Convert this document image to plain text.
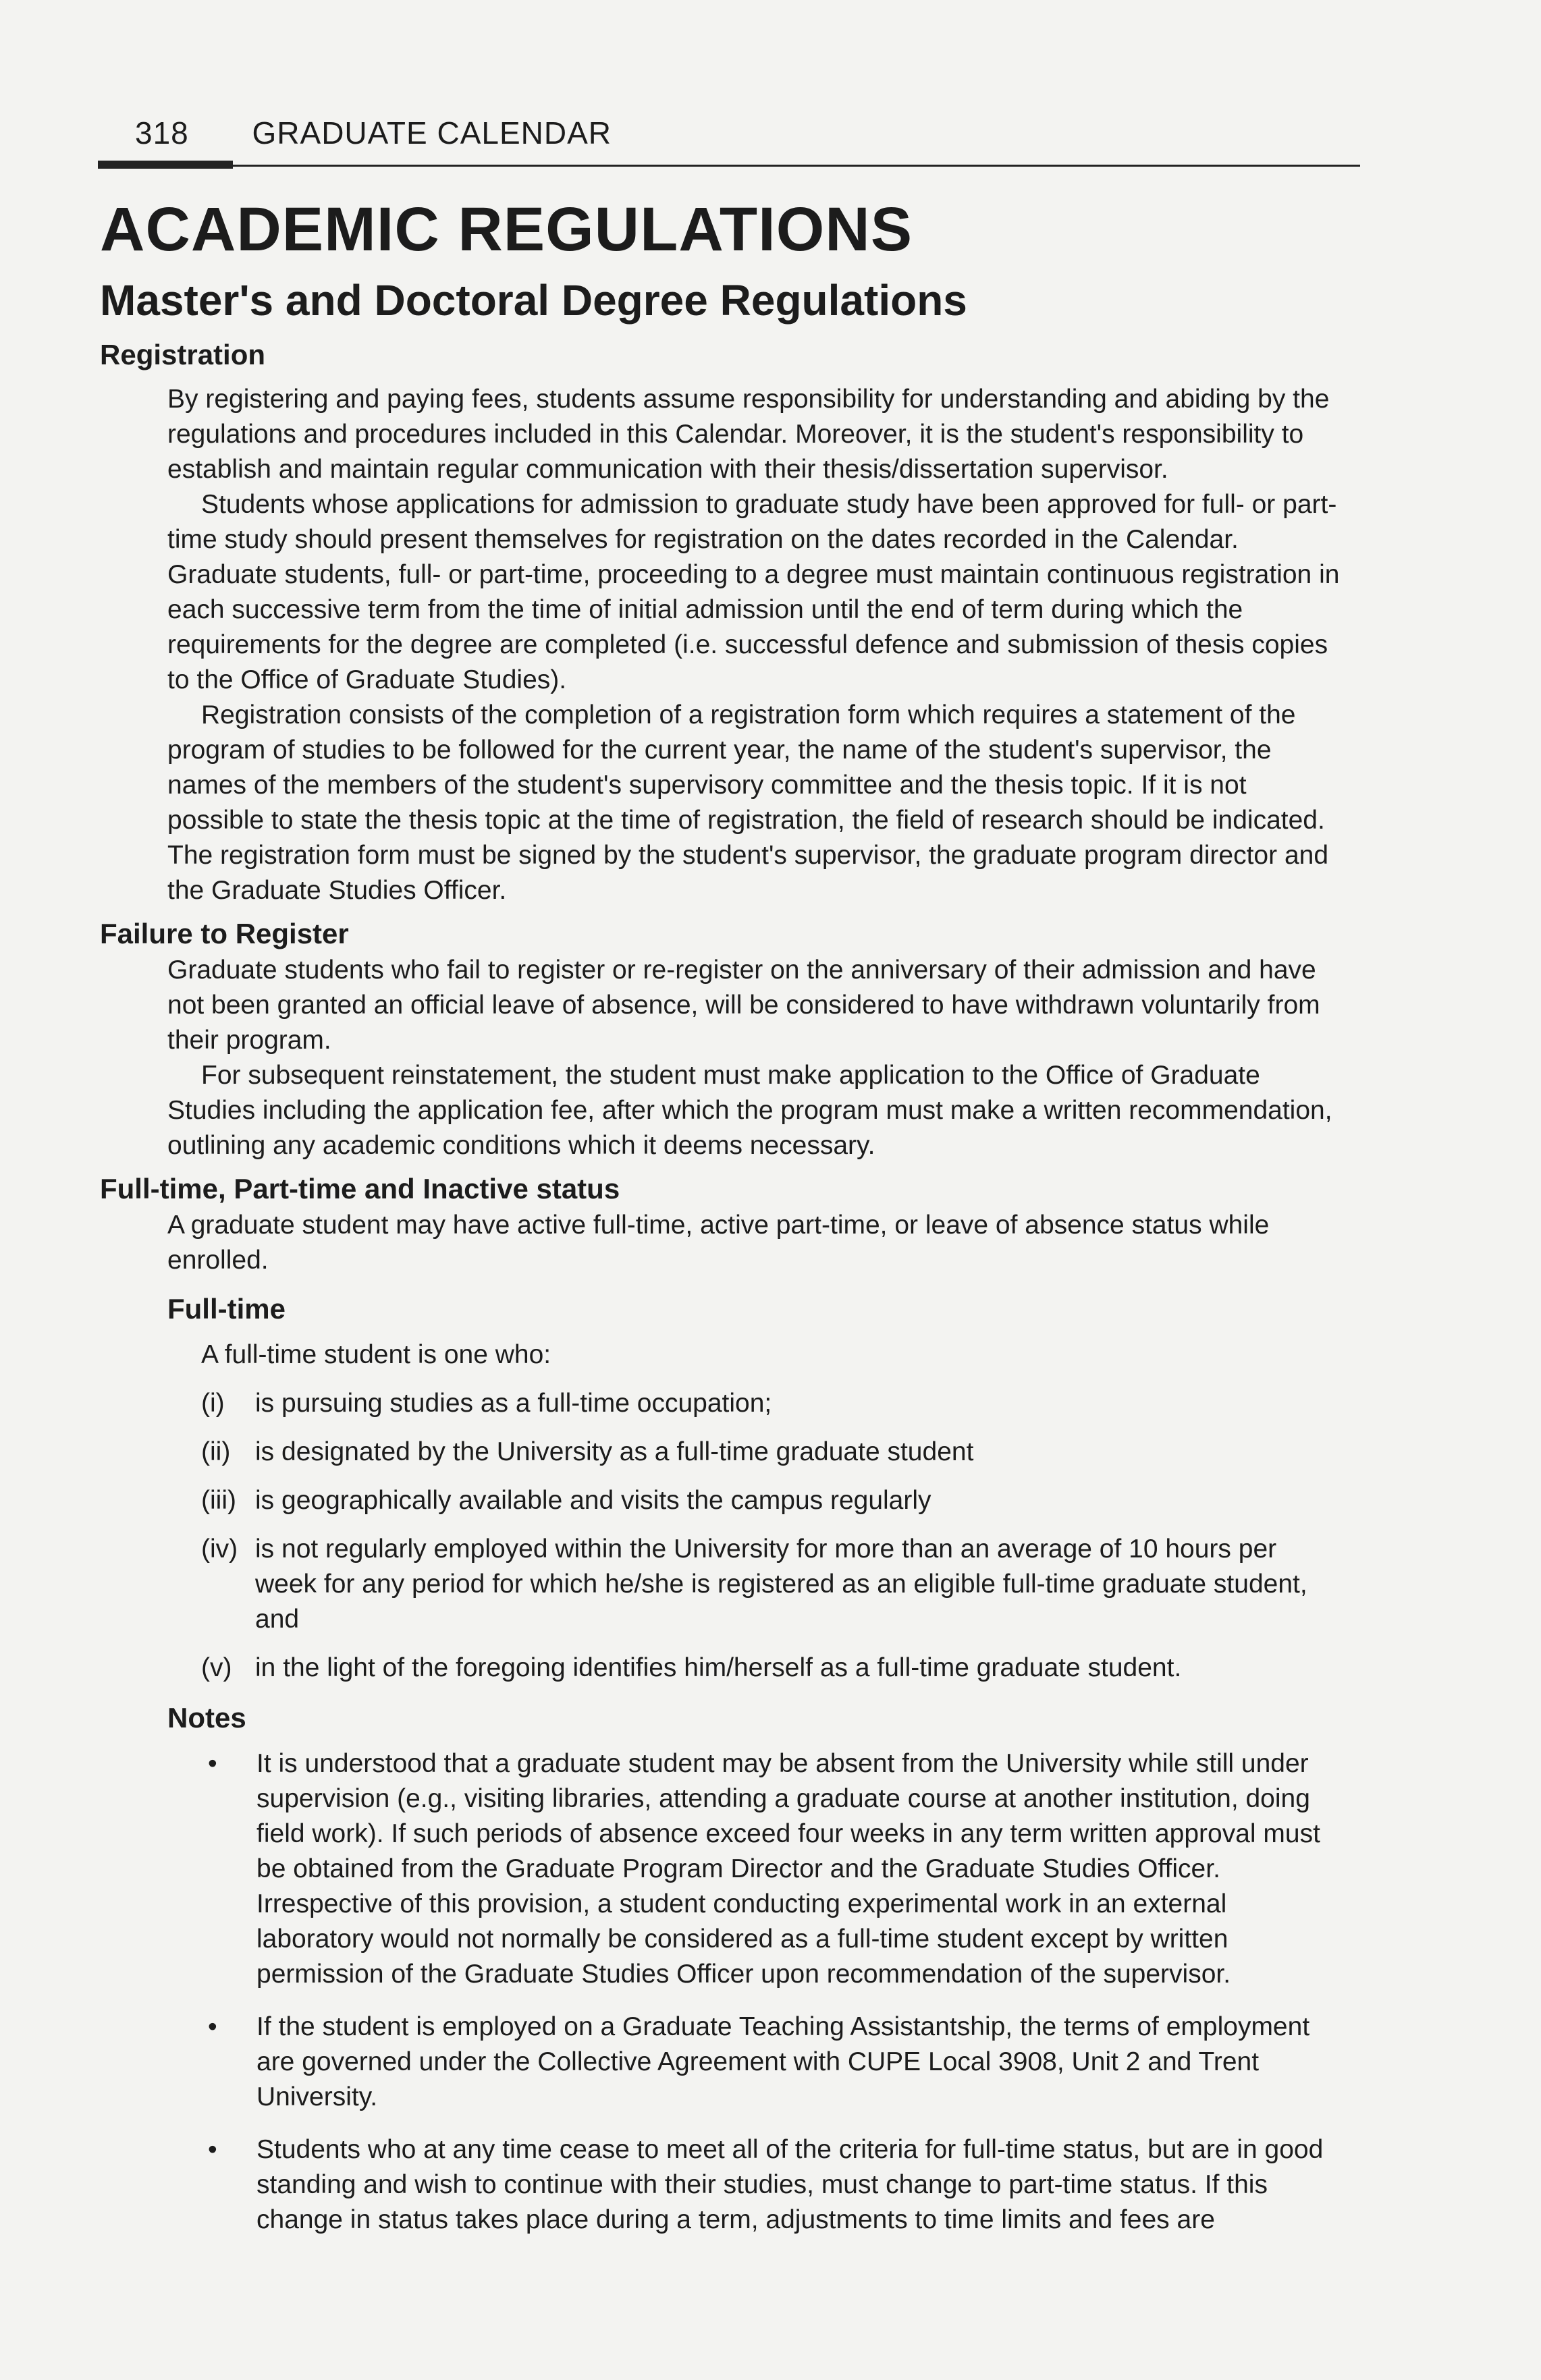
318 GRADUATE CALENDAR
ACADEMIC REGULATIONS
Master's and Doctoral Degree Regulations

Registration

By registering and paying fees, students assume responsibility for understanding and abiding by the regulations and procedures included in this Calendar. Moreover, it is the student's responsibility to establish and maintain regular communication with their thesis/dissertation supervisor.

Students whose applications for admission to graduate study have been approved for full- or part-time study should present themselves for registration on the dates recorded in the Calendar. Graduate students, full- or part-time, proceeding to a degree must maintain continuous registration in each successive term from the time of initial admission until the end of term during which the requirements for the degree are completed (i.e. successful defence and submission of thesis copies to the Office of Graduate Studies).

Registration consists of the completion of a registration form which requires a statement of the program of studies to be followed for the current year, the name of the student's supervisor, the names of the members of the student's supervisory committee and the thesis topic. If it is not possible to state the thesis topic at the time of registration, the field of research should be indicated. The registration form must be signed by the student's supervisor, the graduate program director and the Graduate Studies Officer.

Failure to Register

Graduate students who fail to register or re-register on the anniversary of their admission and have not been granted an official leave of absence, will be considered to have withdrawn voluntarily from their program.

For subsequent reinstatement, the student must make application to the Office of Graduate Studies including the application fee, after which the program must make a written recommendation, outlining any academic conditions which it deems necessary.

Full-time, Part-time and Inactive status

A graduate student may have active full-time, active part-time, or leave of absence status while enrolled.

Full-time

A full-time student is one who:

(i)	is pursuing studies as a full-time occupation;
(ii) is designated by the University as a full-time graduate student
(iii) is geographically available and visits the campus regularly
(iv) is not regularly employed within the University for more than an average of 10 hours per week for any period for which he/she is registered as an eligible full-time graduate student, and
(v) in the light of the foregoing identifies him/herself as a full-time graduate student.

Notes

•	It is understood that a graduate student may be absent from the University while still under supervision (e.g., visiting libraries, attending a graduate course at another institution, doing field work). If such periods of absence exceed four weeks in any term written approval must be obtained from the Graduate Program Director and the Graduate Studies Officer. Irrespective of this provision, a student conducting experimental work in an external laboratory would not normally be considered as a full-time student except by written permission of the Graduate Studies Officer upon recommendation of the supervisor.
•	If the student is employed on a Graduate Teaching Assistantship, the terms of employment are governed under the Collective Agreement with CUPE Local 3908, Unit 2 and Trent University.
•	Students who at any time cease to meet all of the criteria for full-time status, but are in good standing and wish to continue with their studies, must change to part-time status. If this change in status takes place during a term, adjustments to time limits and fees are
